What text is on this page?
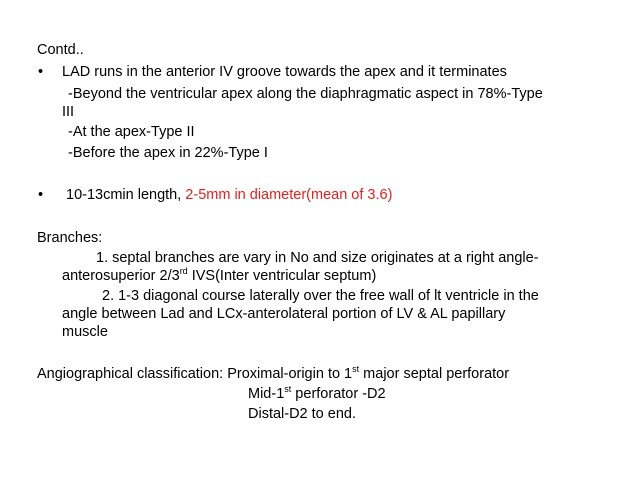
Contd..
• LAD runs in the anterior IV groove towards the apex and it terminates
-Beyond the ventricular apex along the diaphragmatic aspect in 78%-Type
III
-At the apex-Type II
-Before the apex in 22%-Type I
• 10-13cmin length, 2-5mm in diameter(mean of 3.6)
Branches:
1. septal branches are vary in No and size originates at a right angle-
anterosuperior 2/3rd IVS(Inter ventricular septum)
2. 1-3 diagonal course laterally over the free wall of lt ventricle in the
angle between Lad and LCx-anterolateral portion of LV & AL papillary
muscle
Angiographical classification: Proximal-origin to 1st major septal perforator
Mid-1st perforator -D2
Distal-D2 to end.
